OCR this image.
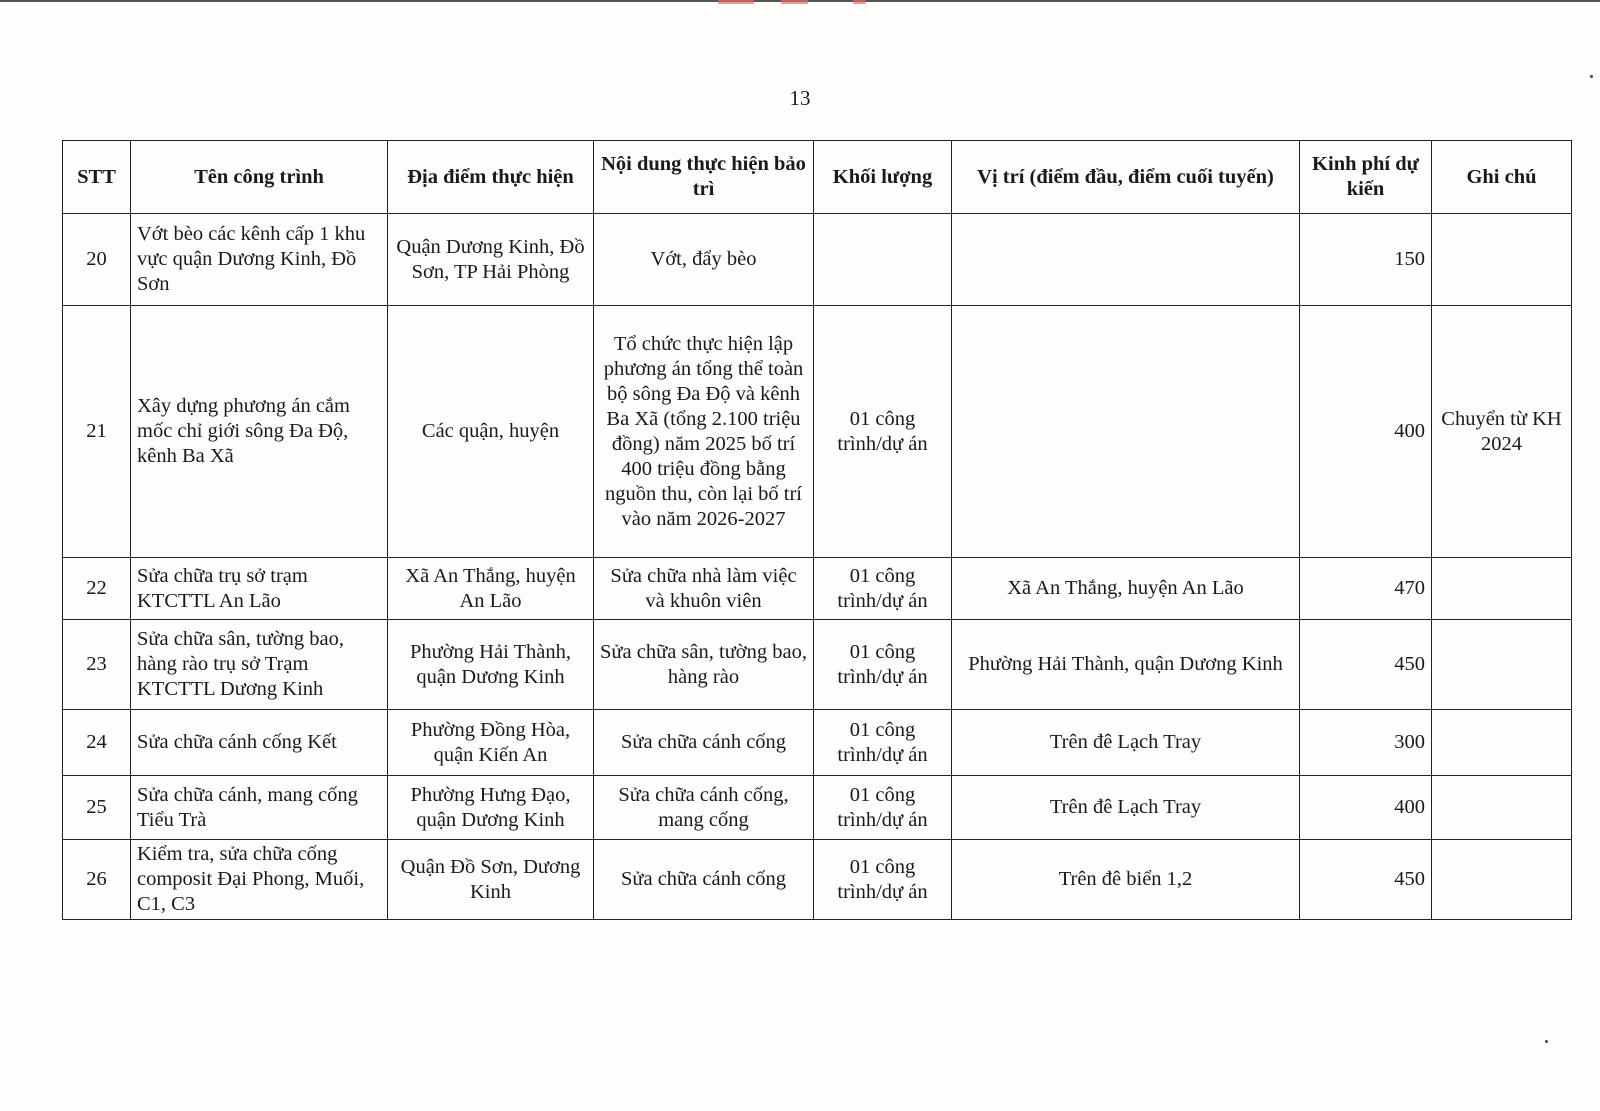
13
STT	Tên công trình	Địa điểm thực hiện	Nội dung thực hiện bảo trì	Khối lượng	Vị trí (điểm đầu, điểm cuối tuyến)	Kinh phí dự kiến	Ghi chú
20	Vớt bèo các kênh cấp 1 khu vực quận Dương Kinh, Đồ Sơn	Quận Dương Kinh, Đồ Sơn, TP Hải Phòng	Vớt, đẩy bèo			150	
21	Xây dựng phương án cắm mốc chỉ giới sông Đa Độ, kênh Ba Xã	Các quận, huyện	Tổ chức thực hiện lập phương án tổng thể toàn bộ sông Đa Độ và kênh Ba Xã (tổng 2.100 triệu đồng) năm 2025 bố trí 400 triệu đồng bằng nguồn thu, còn lại bố trí vào năm 2026-2027	01 công trình/dự án		400	Chuyển từ KH 2024
22	Sửa chữa trụ sở trạm KTCTTL An Lão	Xã An Thắng, huyện An Lão	Sửa chữa nhà làm việc và khuôn viên	01 công trình/dự án	Xã An Thắng, huyện An Lão	470	
23	Sửa chữa sân, tường bao, hàng rào trụ sở Trạm KTCTTL Dương Kinh	Phường Hải Thành, quận Dương Kinh	Sửa chữa sân, tường bao, hàng rào	01 công trình/dự án	Phường Hải Thành, quận Dương Kinh	450	
24	Sửa chữa cánh cống Kết	Phường Đồng Hòa, quận Kiến An	Sửa chữa cánh cống	01 công trình/dự án	Trên đê Lạch Tray	300	
25	Sửa chữa cánh, mang cống Tiểu Trà	Phường Hưng Đạo, quận Dương Kinh	Sửa chữa cánh cống, mang cống	01 công trình/dự án	Trên đê Lạch Tray	400	
26	Kiểm tra, sửa chữa cống composit Đại Phong, Muối, C1, C3	Quận Đồ Sơn, Dương Kinh	Sửa chữa cánh cống	01 công trình/dự án	Trên đê biển 1,2	450	
